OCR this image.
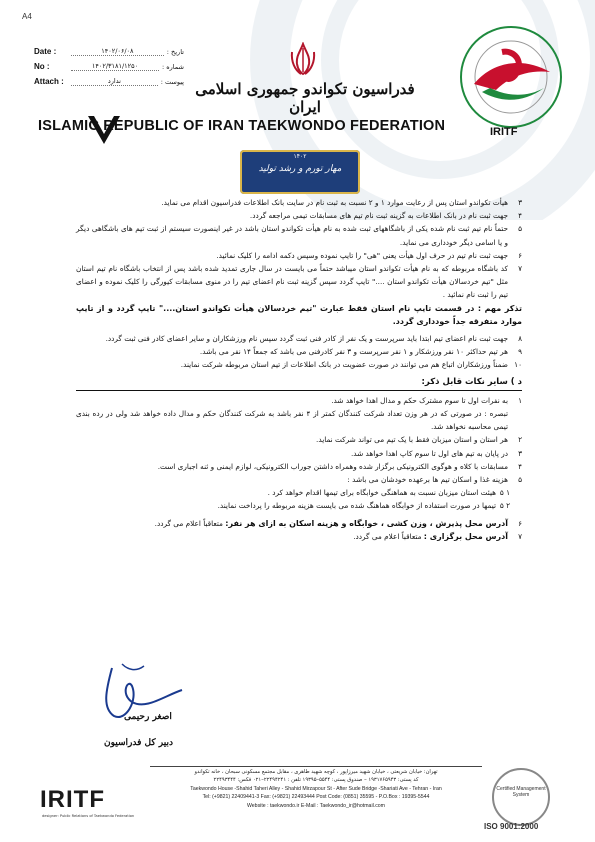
A4
Date :	۱۴۰۲/۰۶/۰۸	تاریخ :
No :	۱۴۰۲/۳۱۸۱/۱۲۵۰	شماره :
Attach :	ندارد	پیوست : فدراسیون تکواندو جمهوری اسلامی ایران
ISLAMIC REPUBLIC OF IRAN TAEKWONDO FEDERATION	IRITF
۱۴۰۲
مهار تورم و رشد تولید
۳
هیأت تکواندو استان پس از رعایت موارد ۱ و ۲ نسبت به ثبت نام در سایت بانک اطلاعات فدراسیون اقدام می نماید.
۴
جهت ثبت نام در بانک اطلاعات به گزینه ثبت نام تیم های مسابقات تیمی مراجعه گردد.
۵
حتماً نام تیم ثبت نام شده یکی از باشگاههای ثبت شده به نام هیأت تکواندو استان باشد در غیر اینصورت سیستم از ثبت تیم های باشگاهی دیگر و یا اسامی دیگر خودداری می نماید.
۶
جهت ثبت نام تیم در حرف اول هیأت یعنی "هی" را تایپ نموده وسپس دکمه ادامه را کلیک نمائید.
۷
کد باشگاه مربوطه که به نام هیأت تکواندو استان میباشد حتماً می بایست در سال جاری تمدید شده باشد پس از انتخاب باشگاه نام تیم استان مثل "تیم خردسالان هیأت تکواندو استان ...." تایپ گردد سپس گزینه ثبت نام اعضای تیم را در منوی مسابقات کیورگی را کلیک نموده و اعضای تیم را ثبت نام نمائید .
تذکر مهم : در قسمت تایپ نام استان فقط عبارت "تیم خردسالان هیأت تکواندو استان...." تایپ گردد و از تایپ موارد متفرقه جداً خودداری گردد.
۸
جهت ثبت نام اعضای تیم ابتدا باید سرپرست و یک نفر از کادر فنی ثبت گردد سپس نام ورزشکاران و سایر اعضای کادر فنی ثبت گردد.
۹
هر تیم حداکثر ۱۰ نفر ورزشکار و ۱ نفر سرپرست و ۳ نفر کادرفنی می باشد که جمعاً ۱۴ نفر می باشد.
۱۰
ضمناً ورزشکاران اتباع هم می توانند در صورت عضویت در بانک اطلاعات از تیم استان مربوطه شرکت نمایند.
د ) سایر نکات قابل ذکر:
۱
به نفرات اول تا سوم مشترک حکم و مدال اهدا خواهد شد.
تبصره : در صورتی که در هر وزن تعداد شرکت کنندگان کمتر از ۴ نفر باشد به شرکت کنندگان حکم و مدال داده خواهد شد ولی در رده بندی تیمی محاسبه نخواهد شد.
۲
هر استان و استان میزبان فقط با یک تیم می تواند شرکت نماید.
۳
در پایان به تیم های اول تا سوم کاپ اهدا خواهد شد.
۴
مسابقات با کلاه و هوگوی الکترونیکی برگزار شده وهمراه داشتن جوراب الکترونیکی، لوازم ایمنی و ثنه اجباری است.
۵
هزینه غذا و اسکان تیم ها برعهده خودشان می باشد :
۱ ۵
هیئت استان میزبان نسبت به هماهنگی خوابگاه برای تیمها اقدام خواهد کرد .
۲ ۵
تیمها در صورت استفاده از خوابگاه هماهنگ شده می بایست هزینه مربوطه را پرداخت نمایند.
۶
آدرس محل پذیرش ، وزن کشی ، خوابگاه و هزینه اسکان به ازای هر نفر: متعاقباً اعلام می گردد.
۷
آدرس محل برگزاری : متعاقباً اعلام می گردد.
اصغر رحیمی
دبیر کل فدراسیون
تهران: خیابان شریعتی ، خیابان شهید میرزاپور ، کوچه شهید طاهری ، مقابل مجتمع مسکونی سبحان ، خانه تکواندو
کد پستی: ۱۹۳۱۷۶۵۹۴۳ – صندوق پستی: ۵۵۴۴–۱۹۳۹۵ تلفن : ۲۲۴۹۴۲۴۱–۰۲۱ فکس: ۲۲۴۹۳۴۴۴
Taekwondo House -Shahid Taheri Alley - Shahid Mirzapour St - After Sude Bridge -Shariati Ave - Tehran - Iran
Tel: (+9821) 22409441-3 Fax: (+9821) 22493444 Post Code: (0851) 35595 - P.O.Box : 19395-5544
Website : taekwondo.ir E-Mail : Taekwondo_ir@hotmail.com
IRITF
designer: Public Relations of Taekwondo Federation
Certified Management System
ISO 9001:2000
